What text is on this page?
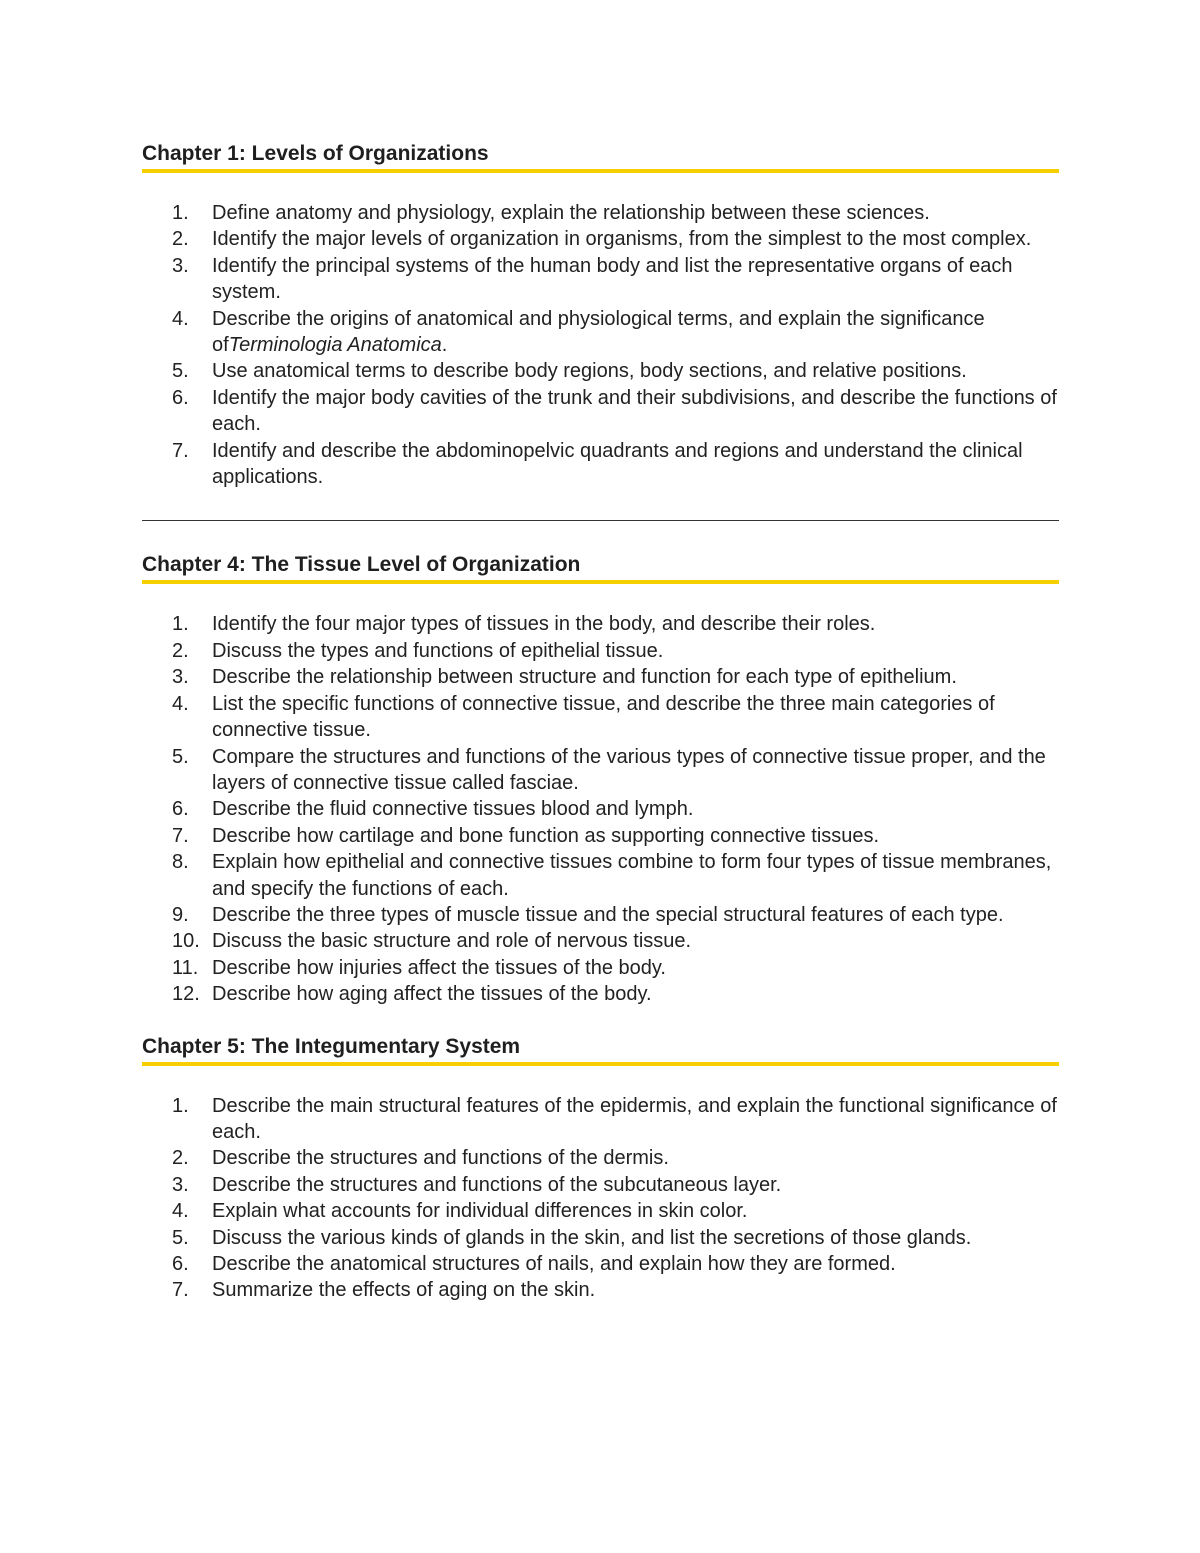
Chapter 1: Levels of Organizations
1.	Define anatomy and physiology, explain the relationship between these sciences.
2.	Identify the major levels of organization in organisms, from the simplest to the most complex.
3.	Identify the principal systems of the human body and list the representative organs of each system.
4.	Describe the origins of anatomical and physiological terms, and explain the significance ofTerminologia Anatomica.
5.	Use anatomical terms to describe body regions, body sections, and relative positions.
6.	Identify the major body cavities of the trunk and their subdivisions, and describe the functions of each.
7.	Identify and describe the abdominopelvic quadrants and regions and understand the clinical applications.
Chapter 4: The Tissue Level of Organization
1.	Identify the four major types of tissues in the body, and describe their roles.
2.	Discuss the types and functions of epithelial tissue.
3.	Describe the relationship between structure and function for each type of epithelium.
4.	List the specific functions of connective tissue, and describe the three main categories of connective tissue.
5.	Compare the structures and functions of the various types of connective tissue proper, and the layers of connective tissue called fasciae.
6.	Describe the fluid connective tissues blood and lymph.
7.	Describe how cartilage and bone function as supporting connective tissues.
8.	Explain how epithelial and connective tissues combine to form four types of tissue membranes, and specify the functions of each.
9.	Describe the three types of muscle tissue and the special structural features of each type.
10. Discuss the basic structure and role of nervous tissue.
11. Describe how injuries affect the tissues of the body.
12. Describe how aging affect the tissues of the body.
Chapter 5: The Integumentary System
1.	Describe the main structural features of the epidermis, and explain the functional significance of each.
2.	Describe the structures and functions of the dermis.
3.	Describe the structures and functions of the subcutaneous layer.
4.	Explain what accounts for individual differences in skin color.
5.	Discuss the various kinds of glands in the skin, and list the secretions of those glands.
6.	Describe the anatomical structures of nails, and explain how they are formed.
7.	Summarize the effects of aging on the skin.
